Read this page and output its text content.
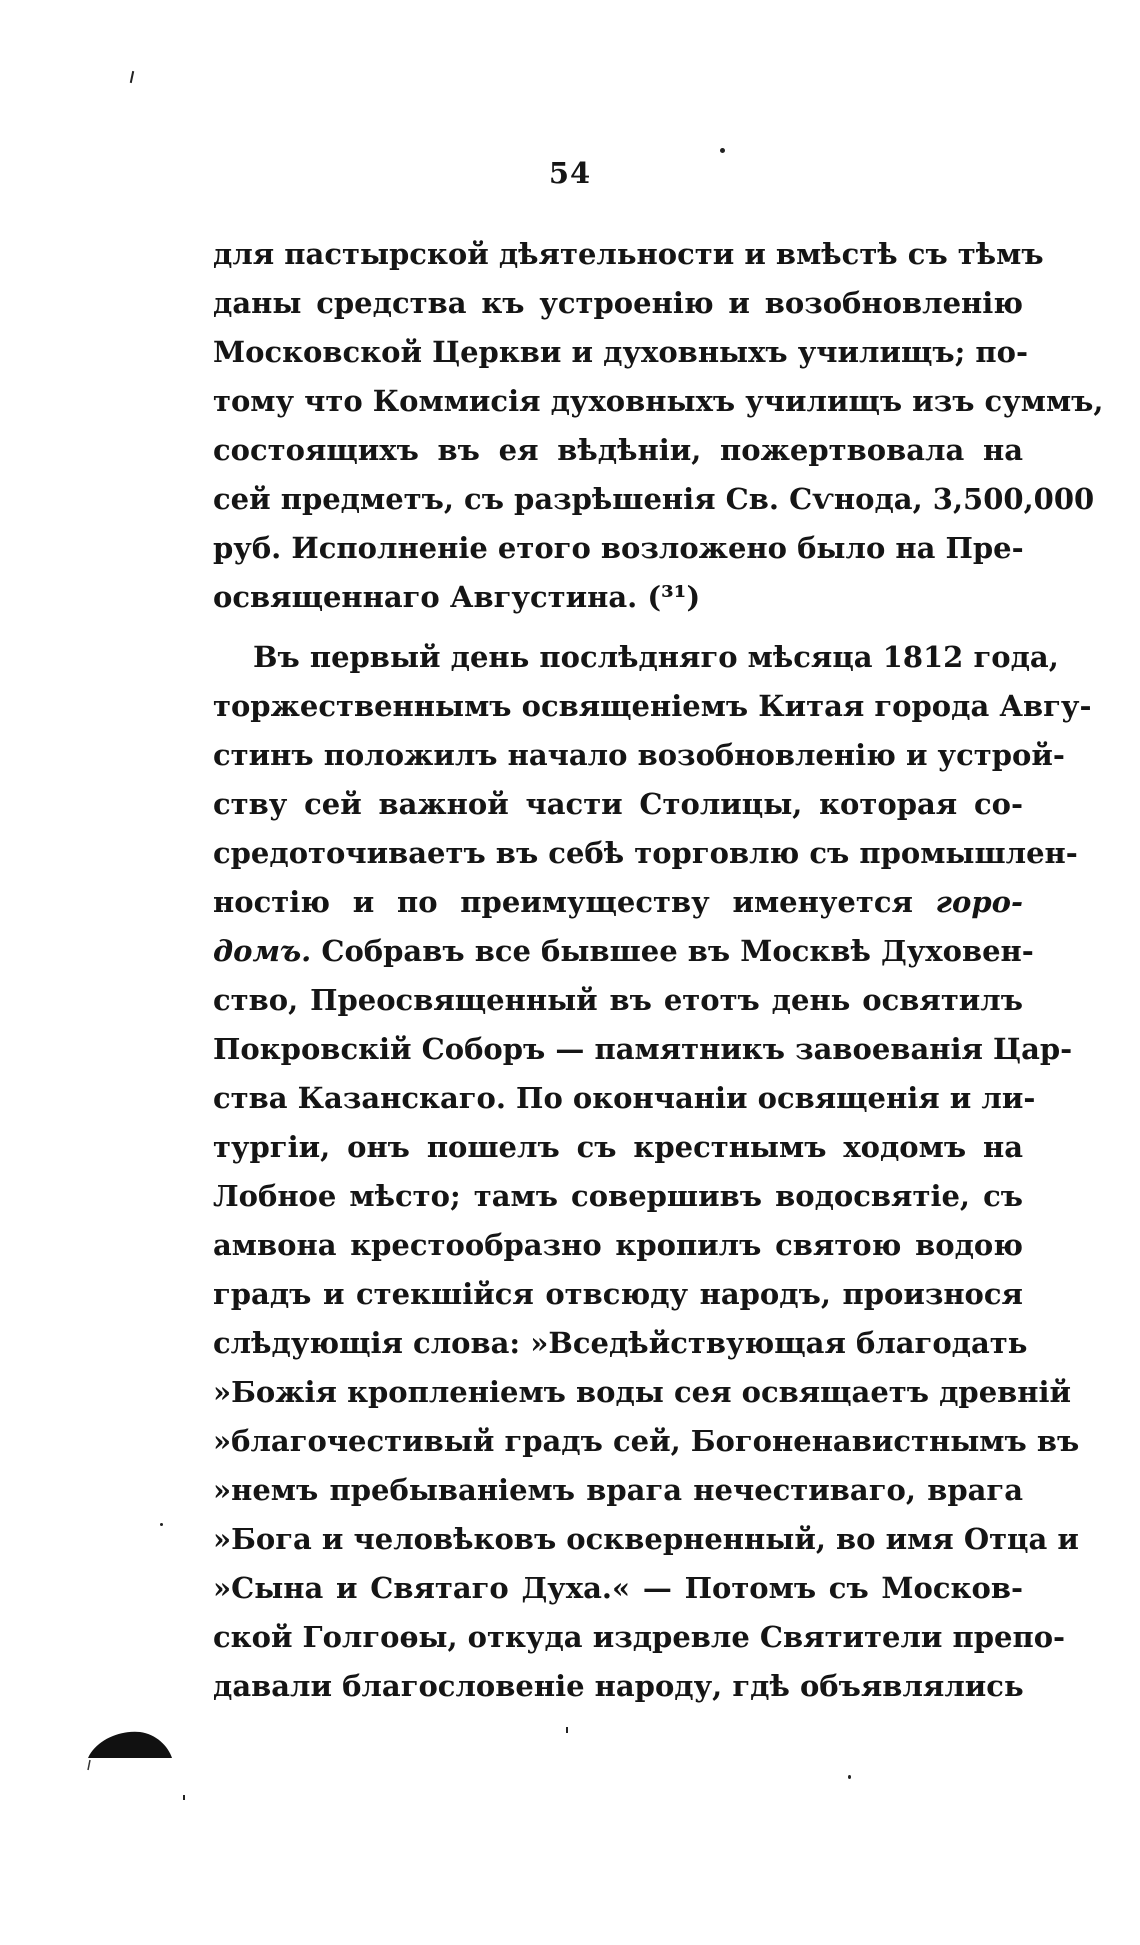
54
для пастырской дѣятельности и вмѣстѣ съ тѣмъ
даны средства къ устроенію и возобновленію
Московской Церкви и духовныхъ училищъ; по-
тому что Коммисія духовныхъ училищъ изъ суммъ,
состоящихъ въ ея вѣдѣніи, пожертвовала на
сей предметъ, съ разрѣшенія Св. Сѵнода, 3,500,000
руб. Исполненіе етого возложено было на Пре-
освященнаго Августина. (³¹)
Въ первый день послѣдняго мѣсяца 1812 года,
торжественнымъ освященіемъ Китая города Авгу-
стинъ положилъ начало возобновленію и устрой-
ству сей важной части Столицы, которая со-
средоточиваетъ въ себѣ торговлю съ промышлен-
ностію и по преимуществу именуется горо-
домъ. Собравъ все бывшее въ Москвѣ Духовен-
ство, Преосвященный въ етотъ день освятилъ
Покровскій Соборъ — памятникъ завоеванія Цар-
ства Казанскаго. По окончаніи освященія и ли-
тургіи, онъ пошелъ съ крестнымъ ходомъ на
Лобное мѣсто; тамъ совершивъ водосвятіе, съ
амвона крестообразно кропилъ святою водою
градъ и стекшійся отвсюду народъ, произнося
слѣдующія слова: »Вседѣйствующая благодать
»Божія кропленіемъ воды сея освящаетъ древній
»благочестивый градъ сей, Богоненавистнымъ въ
»немъ пребываніемъ врага нечестиваго, врага
»Бога и человѣковъ оскверненный, во имя Отца и
»Сына и Святаго Духа.« — Потомъ съ Москов-
ской Голгоѳы, откуда издревле Святители препо-
давали благословеніе народу, гдѣ объявлялись
